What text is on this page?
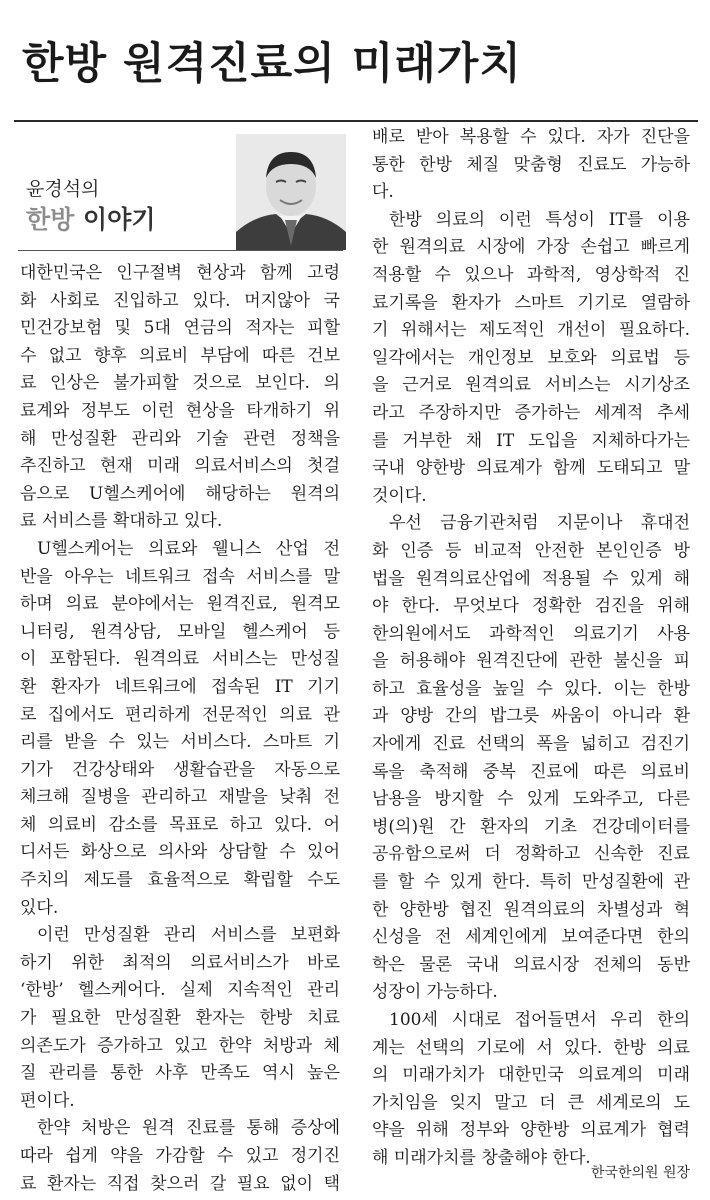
한방 원격진료의 미래가치
윤경석의
한방 이야기
대한민국은 인구절벽 현상과 함께 고령
화 사회로 진입하고 있다. 머지않아 국
민건강보험 및 5대 연금의 적자는 피할
수 없고 향후 의료비 부담에 따른 건보
료 인상은 불가피할 것으로 보인다. 의
료계와 정부도 이런 현상을 타개하기 위
해 만성질환 관리와 기술 관련 정책을
추진하고 현재 미래 의료서비스의 첫걸
음으로 U헬스케어에 해당하는 원격의
료 서비스를 확대하고 있다.
U헬스케어는 의료와 웰니스 산업 전
반을 아우는 네트워크 접속 서비스를 말
하며 의료 분야에서는 원격진료, 원격모
니터링, 원격상담, 모바일 헬스케어 등
이 포함된다. 원격의료 서비스는 만성질
환 환자가 네트워크에 접속된 IT 기기
로 집에서도 편리하게 전문적인 의료 관
리를 받을 수 있는 서비스다. 스마트 기
기가 건강상태와 생활습관을 자동으로
체크해 질병을 관리하고 재발을 낮춰 전
체 의료비 감소를 목표로 하고 있다. 어
디서든 화상으로 의사와 상담할 수 있어
주치의 제도를 효율적으로 확립할 수도
있다.
이런 만성질환 관리 서비스를 보편화
하기 위한 최적의 의료서비스가 바로
‘한방’ 헬스케어다. 실제 지속적인 관리
가 필요한 만성질환 환자는 한방 치료
의존도가 증가하고 있고 한약 처방과 체
질 관리를 통한 사후 만족도 역시 높은
편이다.
한약 처방은 원격 진료를 통해 증상에
따라 쉽게 약을 가감할 수 있고 정기진
료 환자는 직접 찾으러 갈 필요 없이 택
배로 받아 복용할 수 있다. 자가 진단을
통한 한방 체질 맞춤형 진료도 가능하
다.
한방 의료의 이런 특성이 IT를 이용
한 원격의료 시장에 가장 손쉽고 빠르게
적용할 수 있으나 과학적, 영상학적 진
료기록을 환자가 스마트 기기로 열람하
기 위해서는 제도적인 개선이 필요하다.
일각에서는 개인정보 보호와 의료법 등
을 근거로 원격의료 서비스는 시기상조
라고 주장하지만 증가하는 세계적 추세
를 거부한 채 IT 도입을 지체하다가는
국내 양한방 의료계가 함께 도태되고 말
것이다.
우선 금융기관처럼 지문이나 휴대전
화 인증 등 비교적 안전한 본인인증 방
법을 원격의료산업에 적용될 수 있게 해
야 한다. 무엇보다 정확한 검진을 위해
한의원에서도 과학적인 의료기기 사용
을 허용해야 원격진단에 관한 불신을 피
하고 효율성을 높일 수 있다. 이는 한방
과 양방 간의 밥그릇 싸움이 아니라 환
자에게 진료 선택의 폭을 넓히고 검진기
록을 축적해 중복 진료에 따른 의료비
남용을 방지할 수 있게 도와주고, 다른
병(의)원 간 환자의 기초 건강데이터를
공유함으로써 더 정확하고 신속한 진료
를 할 수 있게 한다. 특히 만성질환에 관
한 양한방 협진 원격의료의 차별성과 혁
신성을 전 세계인에게 보여준다면 한의
학은 물론 국내 의료시장 전체의 동반
성장이 가능하다.
100세 시대로 접어들면서 우리 한의
계는 선택의 기로에 서 있다. 한방 의료
의 미래가치가 대한민국 의료계의 미래
가치임을 잊지 말고 더 큰 세계로의 도
약을 위해 정부와 양한방 의료계가 협력
해 미래가치를 창출해야 한다.
한국한의원 원장
